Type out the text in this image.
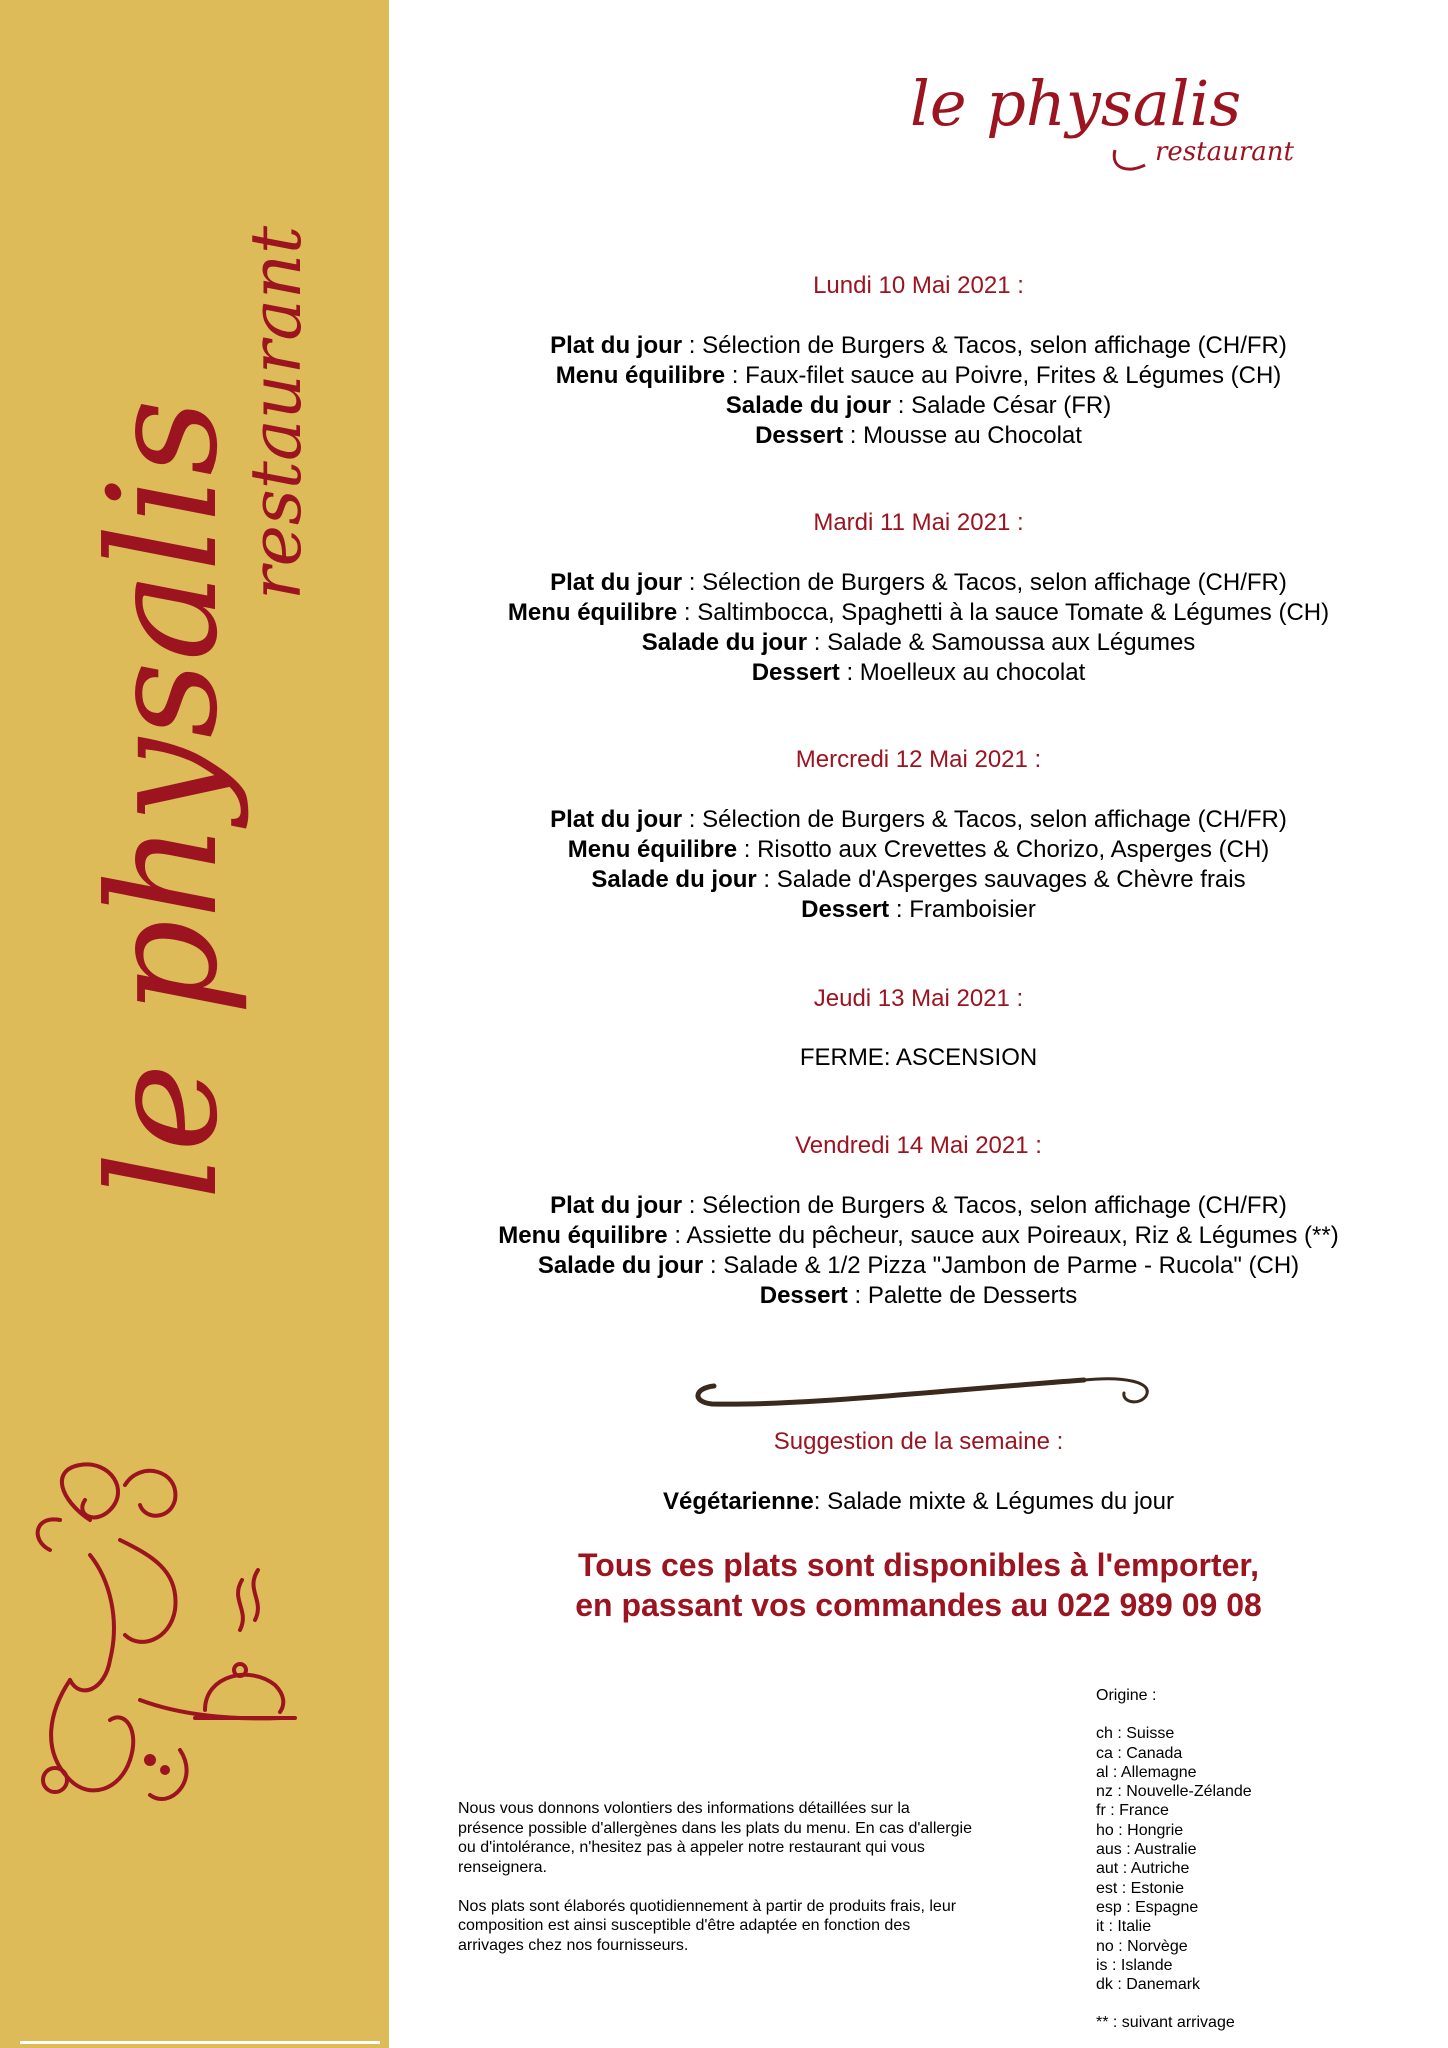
le physalis
restaurant
le physalis
restaurant

Lundi 10 Mai 2021 :

Plat du jour : Sélection de Burgers & Tacos, selon affichage (CH/FR)
Menu équilibre : Faux-filet sauce au Poivre, Frites & Légumes (CH)
Salade du jour : Salade César (FR)
Dessert : Mousse au Chocolat

Mardi 11 Mai 2021 :

Plat du jour : Sélection de Burgers & Tacos, selon affichage (CH/FR)
Menu équilibre : Saltimbocca, Spaghetti à la sauce Tomate & Légumes (CH)
Salade du jour : Salade & Samoussa aux Légumes
Dessert : Moelleux au chocolat

Mercredi 12 Mai 2021 :

Plat du jour : Sélection de Burgers & Tacos, selon affichage (CH/FR)
Menu équilibre : Risotto aux Crevettes & Chorizo, Asperges (CH)
Salade du jour : Salade d'Asperges sauvages & Chèvre frais
Dessert : Framboisier

Jeudi 13 Mai 2021 :

FERME: ASCENSION

Vendredi 14 Mai 2021 :

Plat du jour : Sélection de Burgers & Tacos, selon affichage (CH/FR)
Menu équilibre : Assiette du pêcheur, sauce aux Poireaux, Riz & Légumes (**)
Salade du jour : Salade & 1/2 Pizza "Jambon de Parme - Rucola" (CH)
Dessert : Palette de Desserts
Suggestion de la semaine :
Végétarienne: Salade mixte & Légumes du jour
Tous ces plats sont disponibles à l'emporter,
en passant vos commandes au 022 989 09 08

Nous vous donnons volontiers des informations détaillées sur la présence possible d'allergènes dans les plats du menu. En cas d'allergie ou d'intolérance, n'hesitez pas à appeler notre restaurant qui vous renseignera.

Nos plats sont élaborés quotidiennement à partir de produits frais, leur composition est ainsi susceptible d'être adaptée en fonction des arrivages chez nos fournisseurs.

Origine :
ch : Suisse
ca : Canada
al : Allemagne
nz : Nouvelle-Zélande
fr : France
ho : Hongrie
aus : Australie
aut : Autriche
est : Estonie
esp : Espagne
it : Italie
no : Norvège
is : Islande
dk : Danemark
** : suivant arrivage
